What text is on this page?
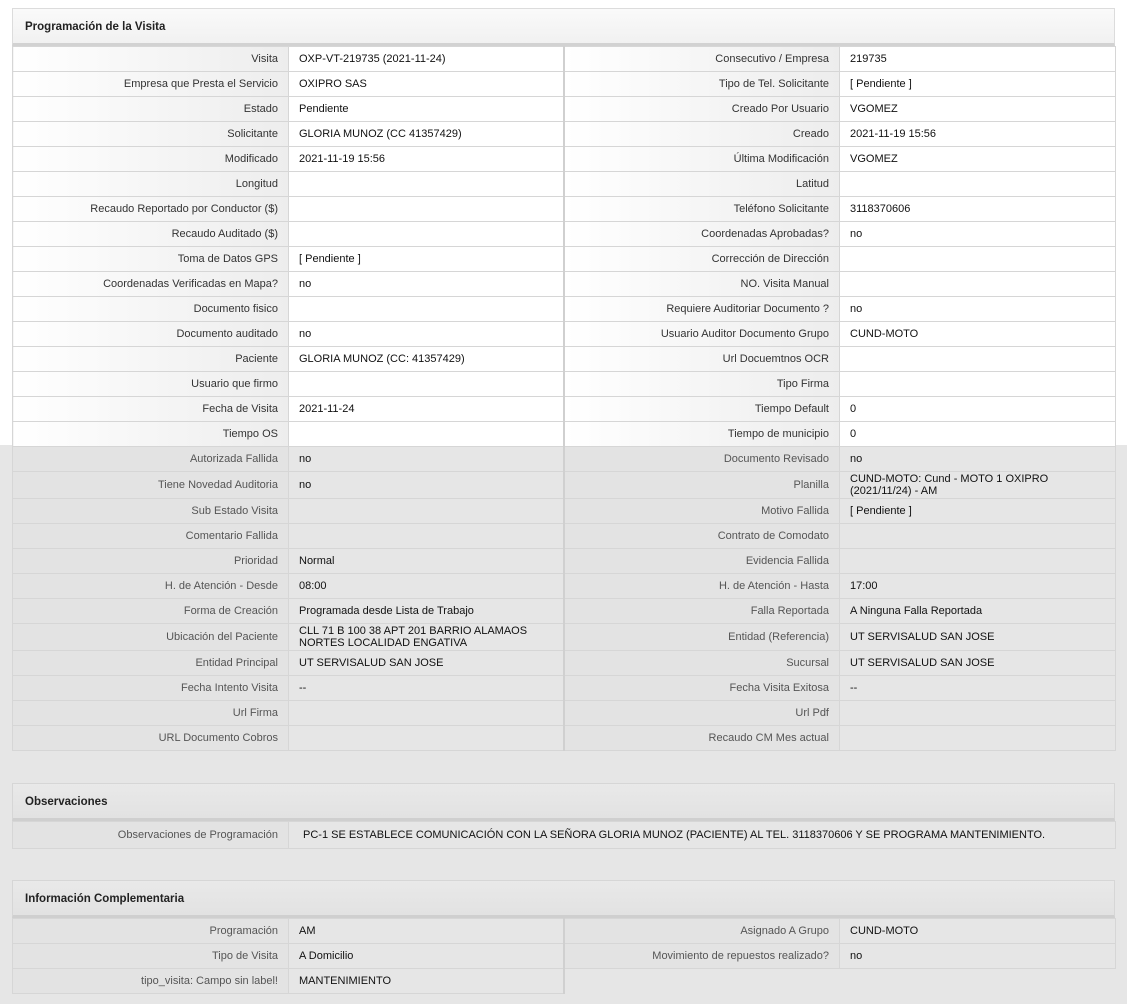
Programación de la Visita
Visita	OXP-VT-219735 (2021-11-24)	Consecutivo / Empresa	219735
Empresa que Presta el Servicio	OXIPRO SAS	Tipo de Tel. Solicitante	[ Pendiente ]
Estado	Pendiente	Creado Por Usuario	VGOMEZ
Solicitante	GLORIA MUNOZ (CC 41357429)	Creado	2021-11-19 15:56
Modificado	2021-11-19 15:56	Última Modificación	VGOMEZ
Longitud		Latitud	
Recaudo Reportado por Conductor ($)		Teléfono Solicitante	3118370606
Recaudo Auditado ($)		Coordenadas Aprobadas?	no
Toma de Datos GPS	[ Pendiente ]	Corrección de Dirección	
Coordenadas Verificadas en Mapa?	no	NO. Visita Manual	
Documento fisico		Requiere Auditoriar Documento ?	no
Documento auditado	no	Usuario Auditor Documento Grupo	CUND-MOTO
Paciente	GLORIA MUNOZ (CC: 41357429)	Url Docuemtnos OCR	
Usuario que firmo		Tipo Firma	
Fecha de Visita	2021-11-24	Tiempo Default	0
Tiempo OS		Tiempo de municipio	0
Autorizada Fallida	no	Documento Revisado	no
Tiene Novedad Auditoria	no	Planilla	CUND-MOTO: Cund - MOTO 1 OXIPRO (2021/11/24) - AM
Sub Estado Visita		Motivo Fallida	[ Pendiente ]
Comentario Fallida		Contrato de Comodato	
Prioridad	Normal	Evidencia Fallida	
H. de Atención - Desde	08:00	H. de Atención - Hasta	17:00
Forma de Creación	Programada desde Lista de Trabajo	Falla Reportada	A Ninguna Falla Reportada
Ubicación del Paciente	CLL 71 B 100 38 APT 201 BARRIO ALAMAOS NORTES LOCALIDAD ENGATIVA	Entidad (Referencia)	UT SERVISALUD SAN JOSE
Entidad Principal	UT SERVISALUD SAN JOSE	Sucursal	UT SERVISALUD SAN JOSE
Fecha Intento Visita	--	Fecha Visita Exitosa	--
Url Firma		Url Pdf	
URL Documento Cobros		Recaudo CM Mes actual	
Observaciones
Observaciones de Programación	PC-1 SE ESTABLECE COMUNICACIÓN CON LA SEÑORA GLORIA MUNOZ (PACIENTE) AL TEL. 3118370606 Y SE PROGRAMA MANTENIMIENTO.
Información Complementaria
Programación	AM	Asignado A Grupo	CUND-MOTO
Tipo de Visita	A Domicilio	Movimiento de repuestos realizado?	no
tipo_visita: Campo sin label!	MANTENIMIENTO		
